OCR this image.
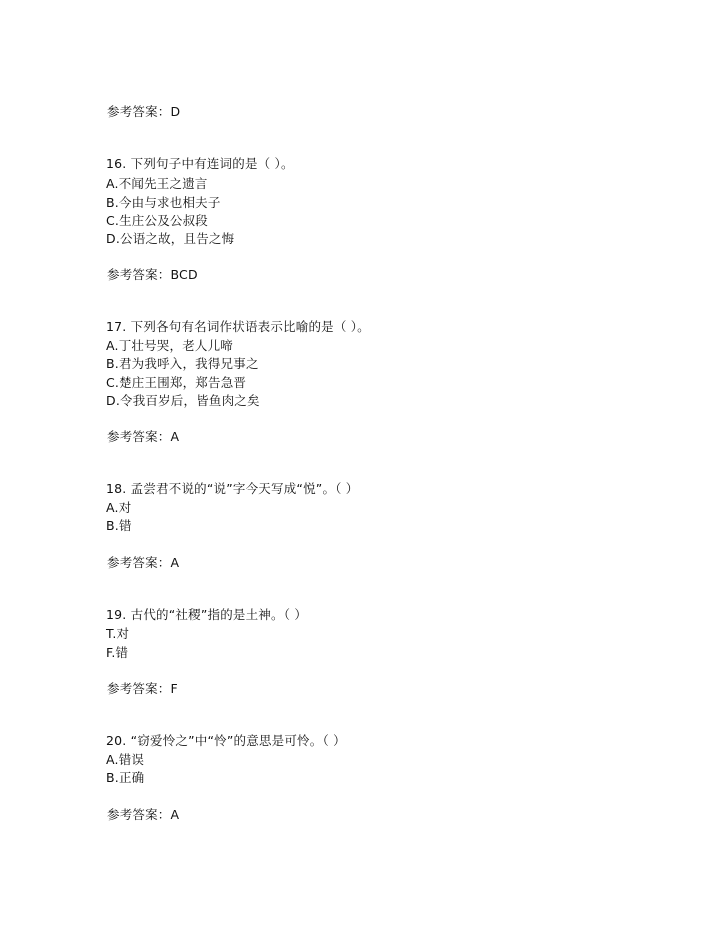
参考答案：D
16. 下列句子中有连词的是（ ）。
A.不闻先王之遗言
B.今由与求也相夫子
C.生庄公及公叔段
D.公语之故，且告之悔
参考答案：BCD
17. 下列各句有名词作状语表示比喻的是（ ）。
A.丁壮号哭，老人儿啼
B.君为我呼入，我得兄事之
C.楚庄王围郑，郑告急晋
D.令我百岁后，皆鱼肉之矣
参考答案：A
18. 孟尝君不说的“说”字今天写成“悦”。（ ）
A.对
B.错
参考答案：A
19. 古代的“社稷”指的是土神。（ ）
T.对
F.错
参考答案：F
20. “窃爱怜之”中“怜”的意思是可怜。（ ）
A.错误
B.正确
参考答案：A
